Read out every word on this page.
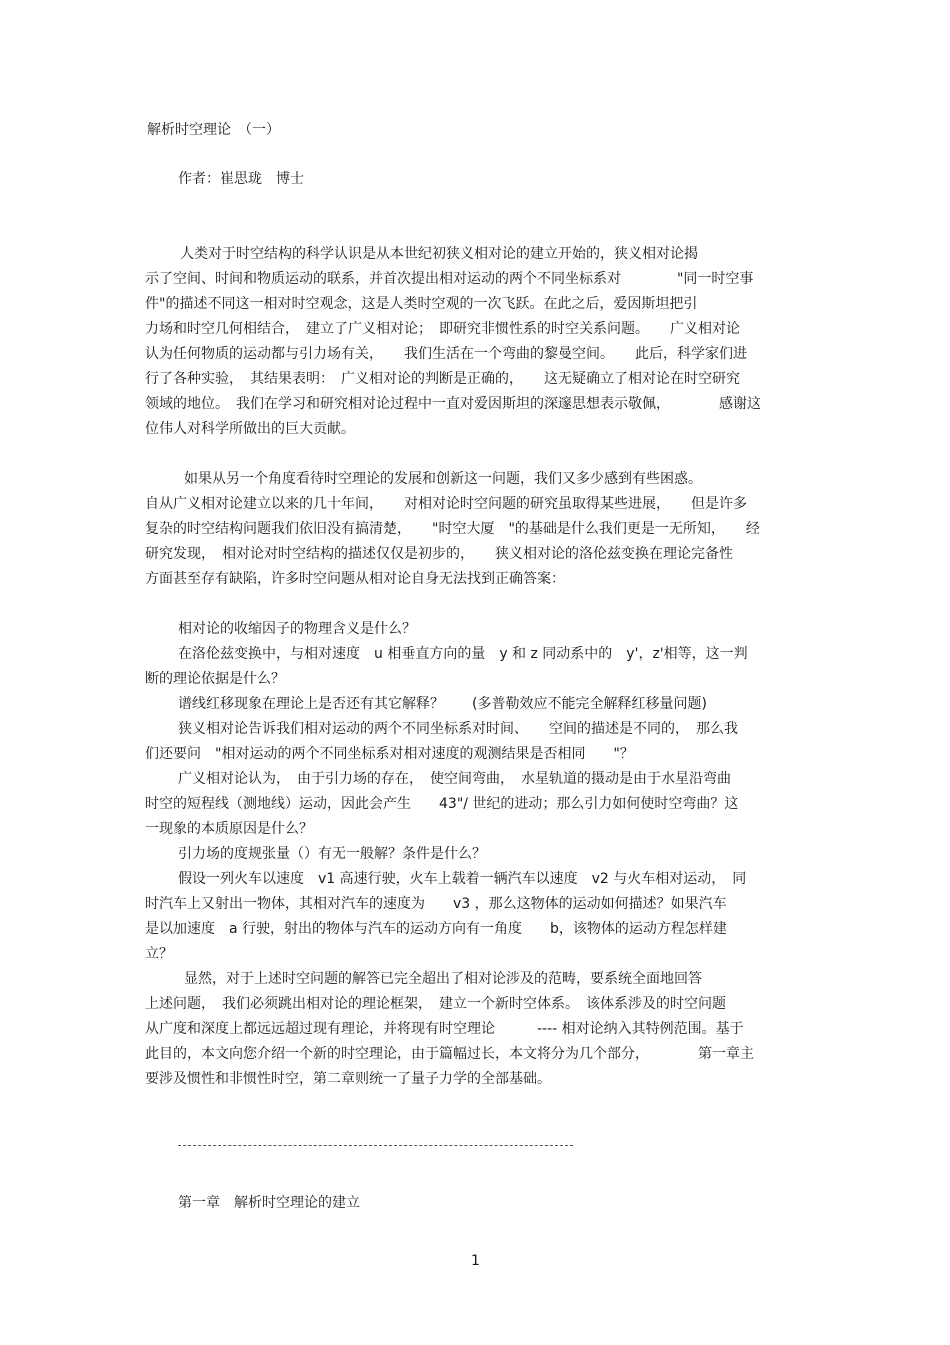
解析时空理论　（一）
作者：崔思珑　博士
人类对于时空结构的科学认识是从本世纪初狭义相对论的建立开始的，狭义相对论揭
示了空间、时间和物质运动的联系，并首次提出相对运动的两个不同坐标系对　　　　"同一时空事
件"的描述不同这一相对时空观念，这是人类时空观的一次飞跃。在此之后，爱因斯坦把引
力场和时空几何相结合，　建立了广义相对论；　即研究非惯性系的时空关系问题。　　广义相对论
认为任何物质的运动都与引力场有关，　　我们生活在一个弯曲的黎曼空间。　　此后，科学家们进
行了各种实验，　其结果表明：　广义相对论的判断是正确的，　　这无疑确立了相对论在时空研究
领域的地位。　我们在学习和研究相对论过程中一直对爱因斯坦的深邃思想表示敬佩，　　　　感谢这
位伟人对科学所做出的巨大贡献。
如果从另一个角度看待时空理论的发展和创新这一问题，我们又多少感到有些困惑。
自从广义相对论建立以来的几十年间，　　对相对论时空问题的研究虽取得某些进展，　　但是许多
复杂的时空结构问题我们依旧没有搞清楚，　　"时空大厦　"的基础是什么我们更是一无所知，　　经
研究发现，　相对论对时空结构的描述仅仅是初步的，　　狭义相对论的洛伦兹变换在理论完备性
方面甚至存有缺陷，许多时空问题从相对论自身无法找到正确答案：
相对论的收缩因子的物理含义是什么？
在洛伦兹变换中，与相对速度　u 相垂直方向的量　y 和 z 同动系中的　y'，z'相等，这一判
断的理论依据是什么？
谱线红移现象在理论上是否还有其它解释？　　(多普勒效应不能完全解释红移量问题)
狭义相对论告诉我们相对运动的两个不同坐标系对时间、　　空间的描述是不同的，　那么我
们还要问　"相对运动的两个不同坐标系对相对速度的观测结果是否相同　　"？
广义相对论认为，　由于引力场的存在，　使空间弯曲，　水星轨道的摄动是由于水星沿弯曲
时空的短程线（测地线）运动，因此会产生　　43"/ 世纪的进动；那么引力如何使时空弯曲？这
一现象的本质原因是什么？
引力场的度规张量（）有无一般解？条件是什么？
假设一列火车以速度　v1 高速行驶，火车上载着一辆汽车以速度　v2 与火车相对运动，　同
时汽车上又射出一物体，其相对汽车的速度为　　v3 ，那么这物体的运动如何描述？如果汽车
是以加速度　a 行驶，射出的物体与汽车的运动方向有一角度　　b，该物体的运动方程怎样建
立？
显然，对于上述时空问题的解答已完全超出了相对论涉及的范畴，要系统全面地回答
上述问题，　我们必须跳出相对论的理论框架，　建立一个新时空体系。　该体系涉及的时空问题
从广度和深度上都远远超过现有理论，并将现有时空理论　　　---- 相对论纳入其特例范围。基于
此目的，本文向您介绍一个新的时空理论，由于篇幅过长，本文将分为几个部分，　　　　第一章主
要涉及惯性和非惯性时空，第二章则统一了量子力学的全部基础。
第一章　解析时空理论的建立
1
